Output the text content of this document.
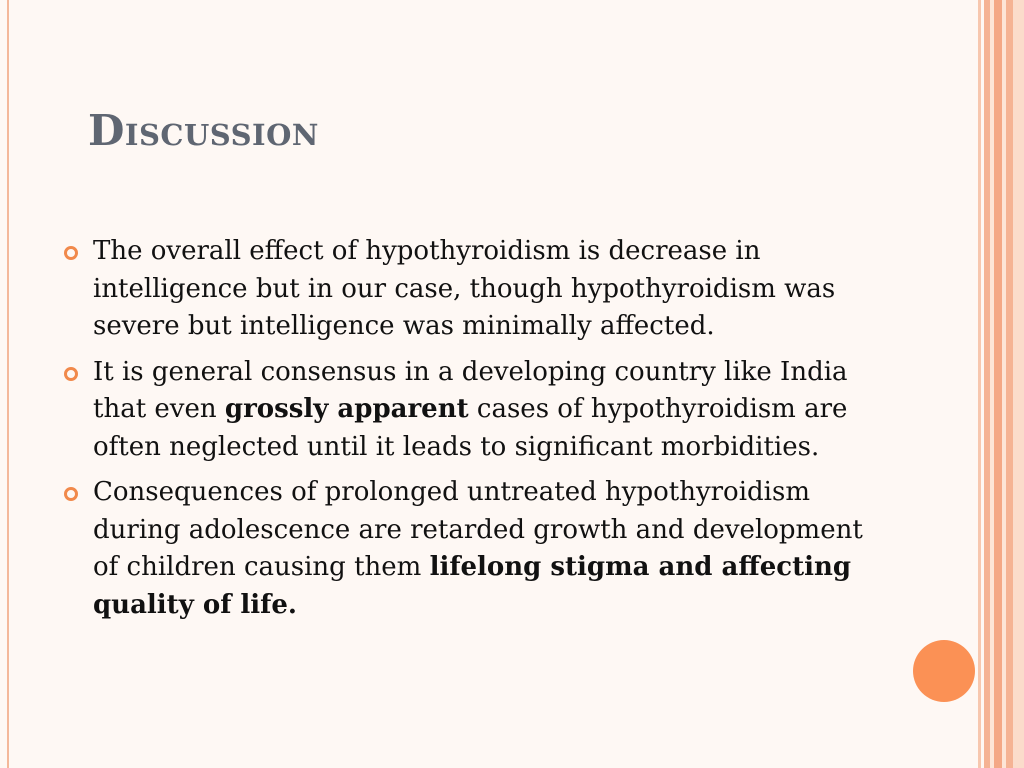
Discussion
The overall effect of hypothyroidism is decrease in intelligence but in our case, though hypothyroidism was severe but intelligence was minimally affected.
It is general consensus in a developing country like India that even grossly apparent cases of hypothyroidism are often neglected until it leads to significant morbidities.
Consequences of prolonged untreated hypothyroidism during adolescence are retarded growth and development of children causing them lifelong stigma and affecting quality of life.
